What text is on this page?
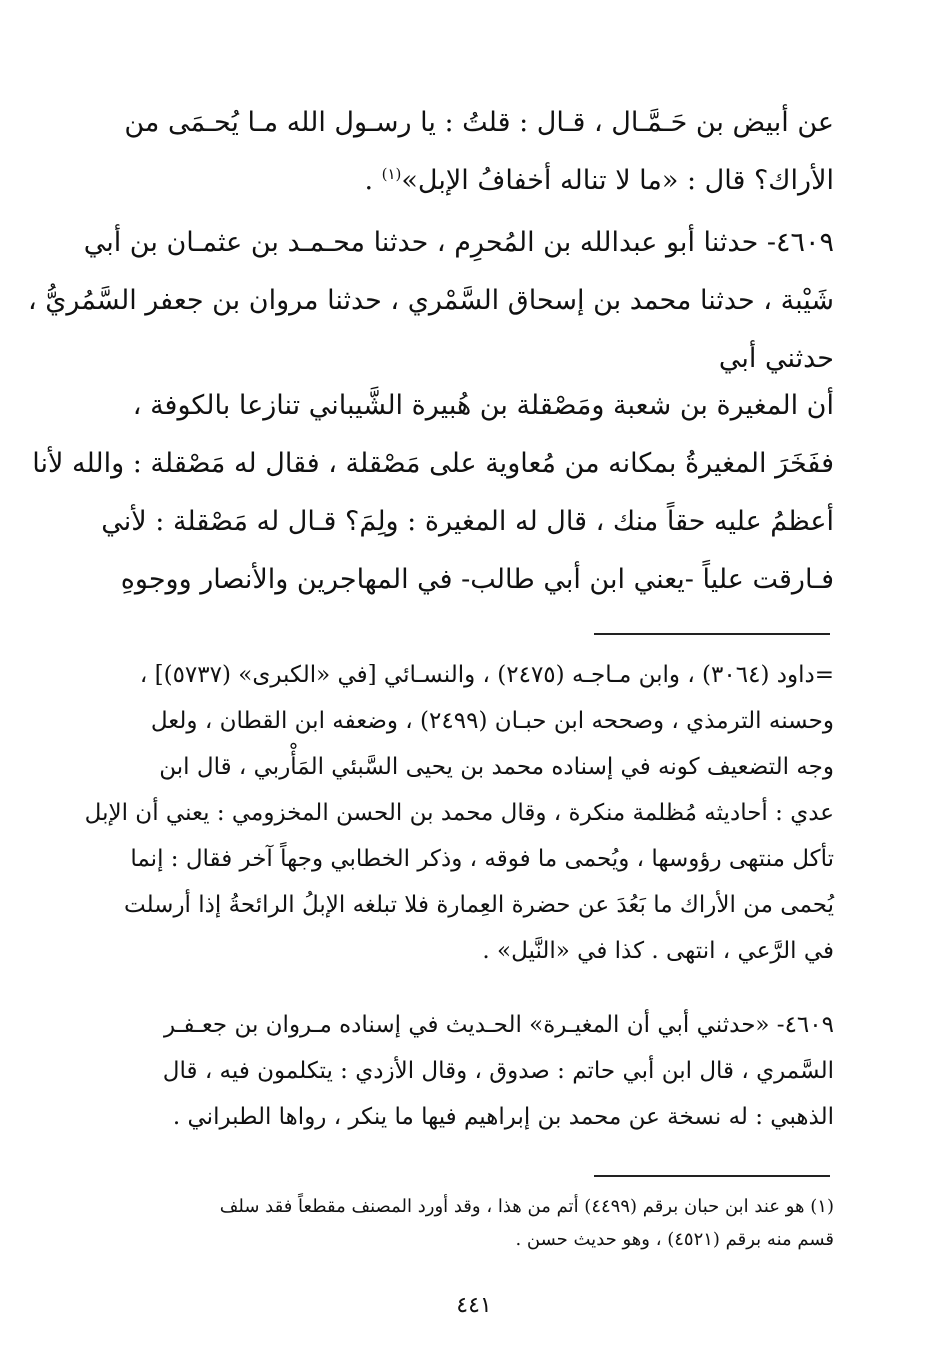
عن أبيض بن حَـمَّـال ، قـال : قلتُ : يا رسـول الله مـا يُحـمَى من
الأراك؟ قال : «ما لا تناله أخفافُ الإبل»$^{(١)}$ .
٤٦٠٩- حدثنا أبو عبدالله بن المُحرِم ، حدثنا محـمـد بن عثمـان بن أبي
شَيْبة ، حدثنا محمد بن إسحاق السَّمْري ، حدثنا مروان بن جعفر السَّمُريُّ ،
حدثني أبي
أن المغيرة بن شعبة ومَصْقلة بن هُبيرة الشَّيباني تنازعا بالكوفة ،
ففَخَرَ المغيرةُ بمكانه من مُعاوية على مَصْقلة ، فقال له مَصْقلة : والله لأنا
أعظمُ عليه حقاً منك ، قال له المغيرة : ولِمَ؟ قـال له مَصْقلة : لأني
فـارقت علياً -يعني ابن أبي طالب- في المهاجرين والأنصار ووجوهِ
=داود (٣٠٦٤) ، وابن مـاجـه (٢٤٧٥) ، والنسـائي [في «الكبرى» (٥٧٣٧)] ،
وحسنه الترمذي ، وصححه ابن حبـان (٢٤٩٩) ، وضعفه ابن القطان ، ولعل
وجه التضعيف كونه في إسناده محمد بن يحيى السَّبئي المَأْربي ، قال ابن
عدي : أحاديثه مُظلمة منكرة ، وقال محمد بن الحسن المخزومي : يعني أن الإبل
تأكل منتهى رؤوسها ، ويُحمى ما فوقه ، وذكر الخطابي وجهاً آخر فقال : إنما
يُحمى من الأراك ما بَعُدَ عن حضرة العِمارة فلا تبلغه الإبلُ الرائحةُ إذا أرسلت
في الرَّعي ، انتهى . كذا في «النَّيل» .
٤٦٠٩- «حدثني أبي أن المغيـرة» الحـديث في إسناده مـروان بن جعـفـر
السَّمري ، قال ابن أبي حاتم : صدوق ، وقال الأزدي : يتكلمون فيه ، قال
الذهبي : له نسخة عن محمد بن إبراهيم فيها ما ينكر ، رواها الطبراني .
(١) هو عند ابن حبان برقم (٤٤٩٩) أتم من هذا ، وقد أورد المصنف مقطعاً فقد سلف
قسم منه برقم (٤٥٢١) ، وهو حديث حسن .
٤٤١
